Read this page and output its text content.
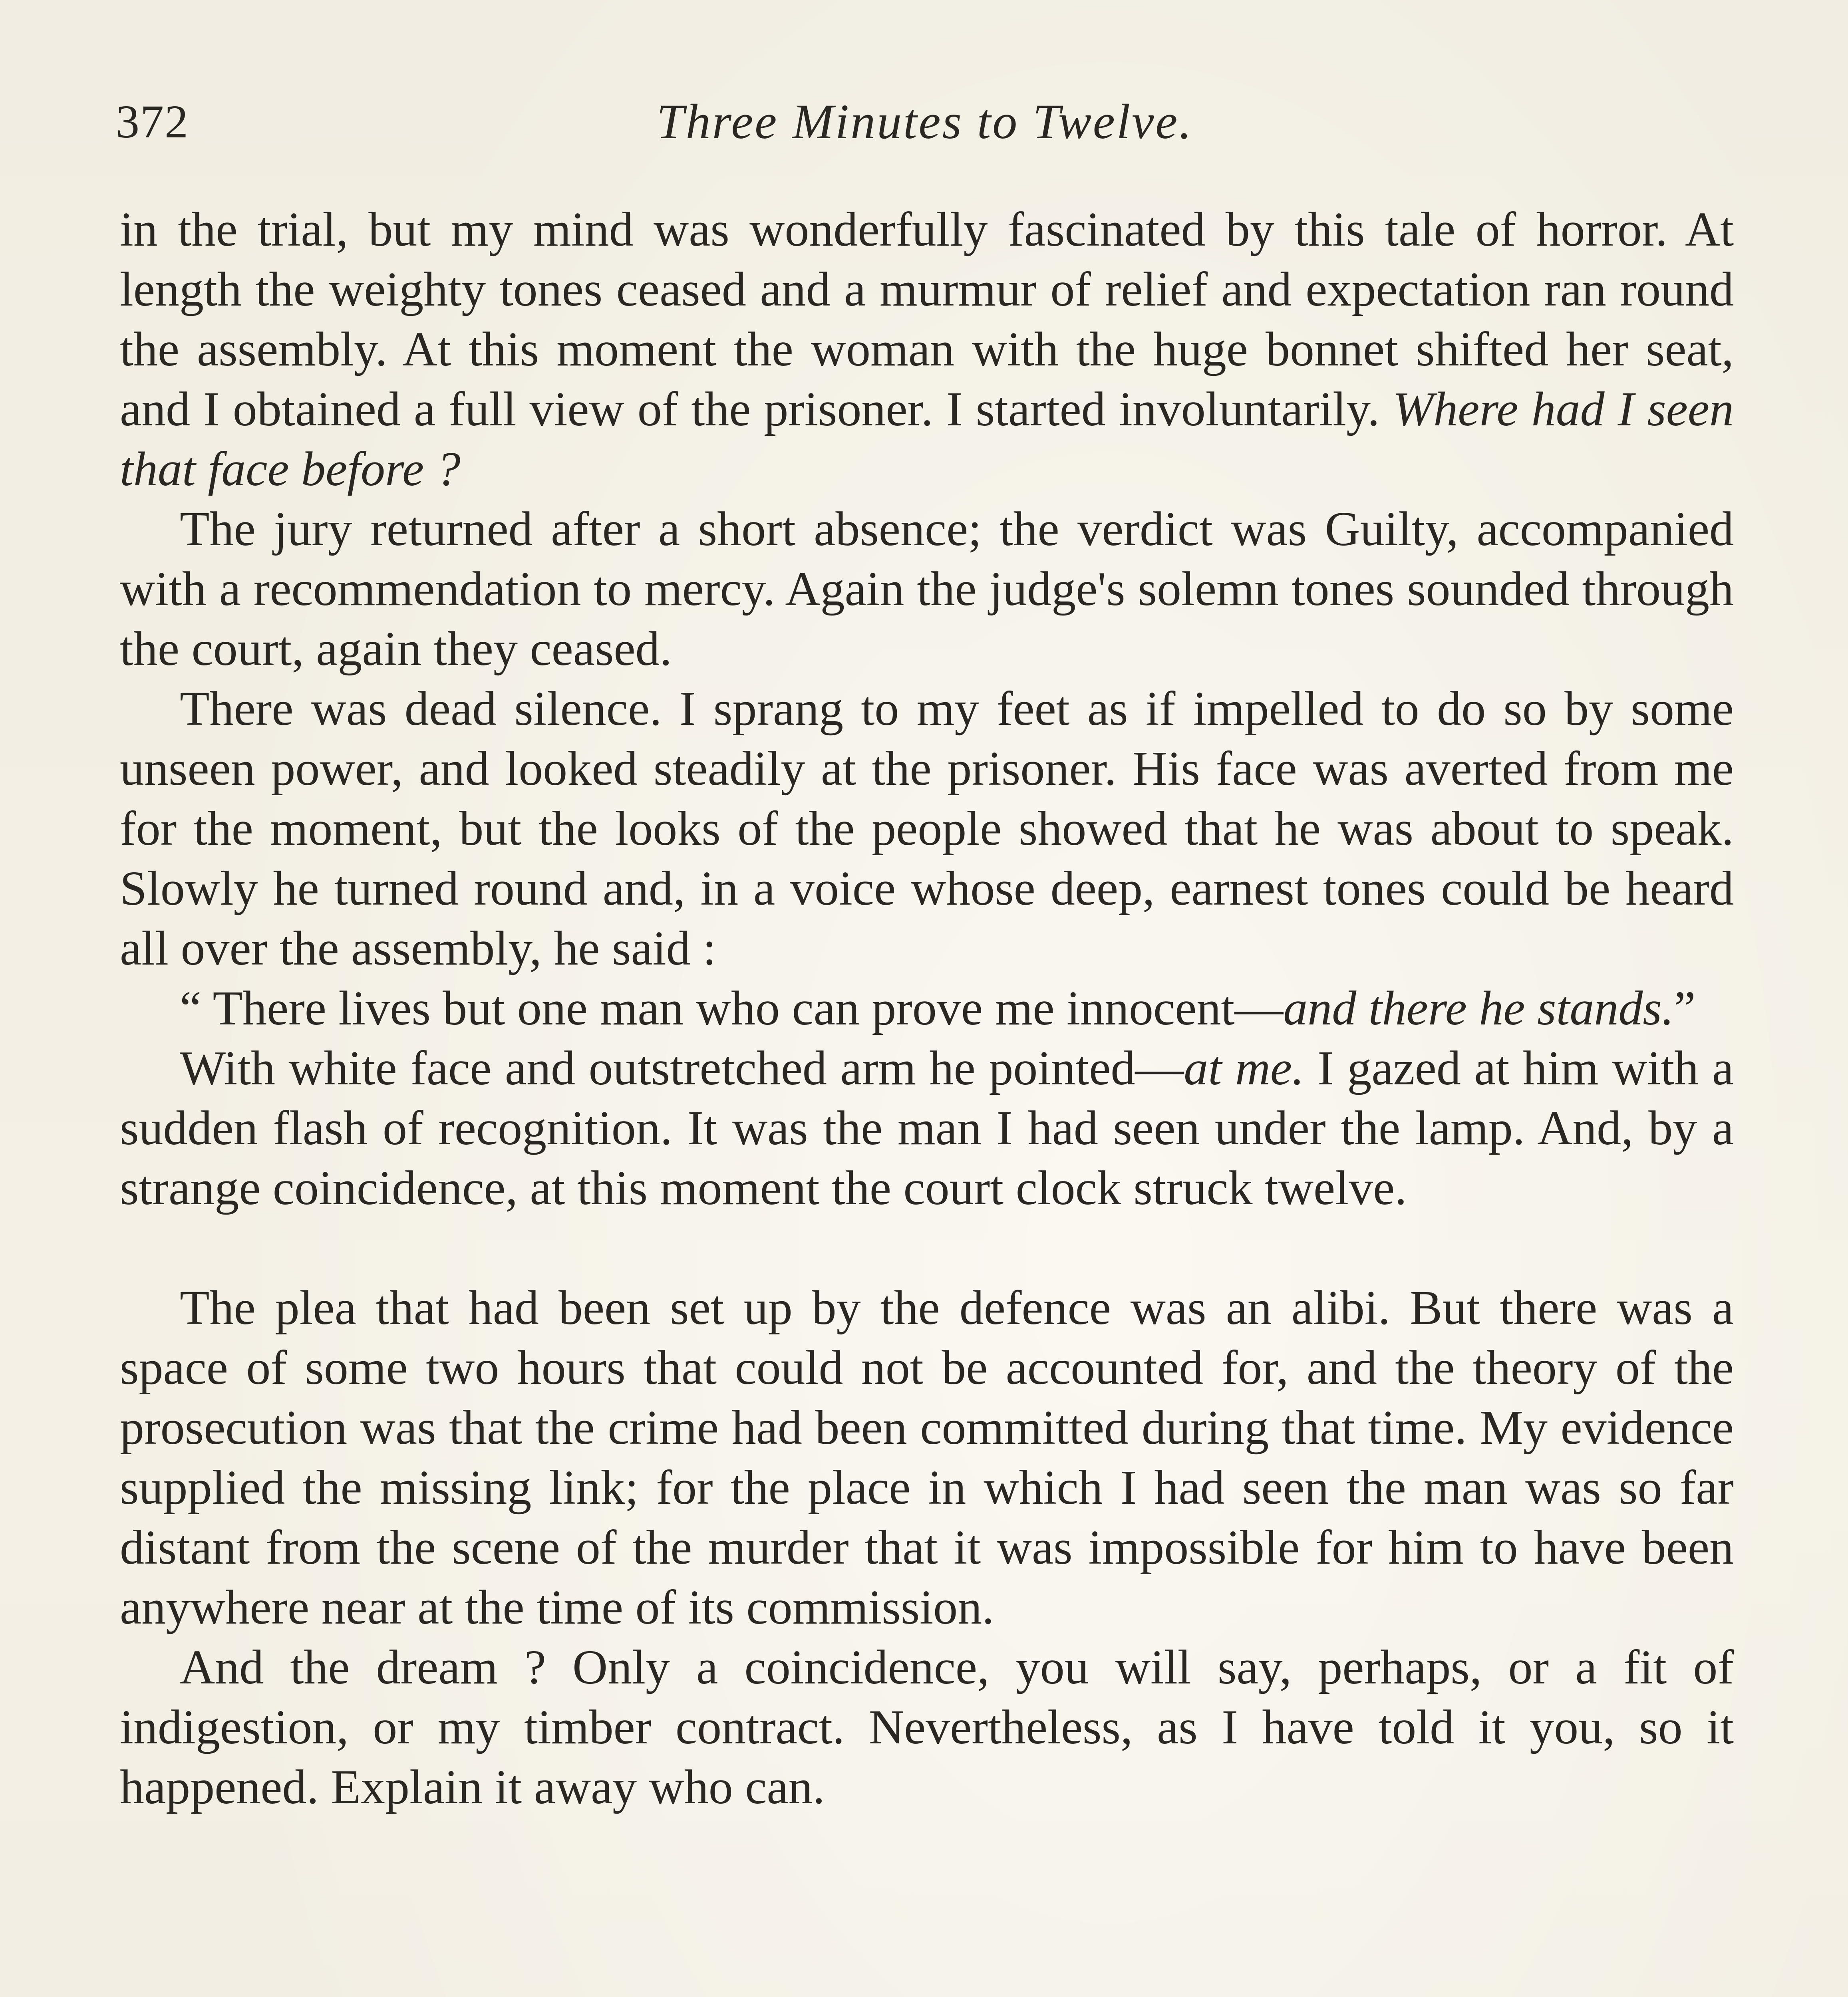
372	Three Minutes to Twelve.

in the trial, but my mind was wonderfully fascinated by this tale of horror. At length the weighty tones ceased and a murmur of relief and expectation ran round the assembly. At this moment the woman with the huge bonnet shifted her seat, and I obtained a full view of the prisoner. I started involuntarily. Where had I seen that face before ?

The jury returned after a short absence; the verdict was Guilty, accompanied with a recommendation to mercy. Again the judge's solemn tones sounded through the court, again they ceased.

There was dead silence. I sprang to my feet as if impelled to do so by some unseen power, and looked steadily at the prisoner. His face was averted from me for the moment, but the looks of the people showed that he was about to speak. Slowly he turned round and, in a voice whose deep, earnest tones could be heard all over the assembly, he said :

“ There lives but one man who can prove me innocent—and there he stands.”

With white face and outstretched arm he pointed—at me. I gazed at him with a sudden flash of recognition. It was the man I had seen under the lamp. And, by a strange coincidence, at this moment the court clock struck twelve.

The plea that had been set up by the defence was an alibi. But there was a space of some two hours that could not be accounted for, and the theory of the prosecution was that the crime had been committed during that time. My evidence supplied the missing link; for the place in which I had seen the man was so far distant from the scene of the murder that it was impossible for him to have been anywhere near at the time of its commission.

And the dream ? Only a coincidence, you will say, perhaps, or a fit of indigestion, or my timber contract. Nevertheless, as I have told it you, so it happened. Explain it away who can.
